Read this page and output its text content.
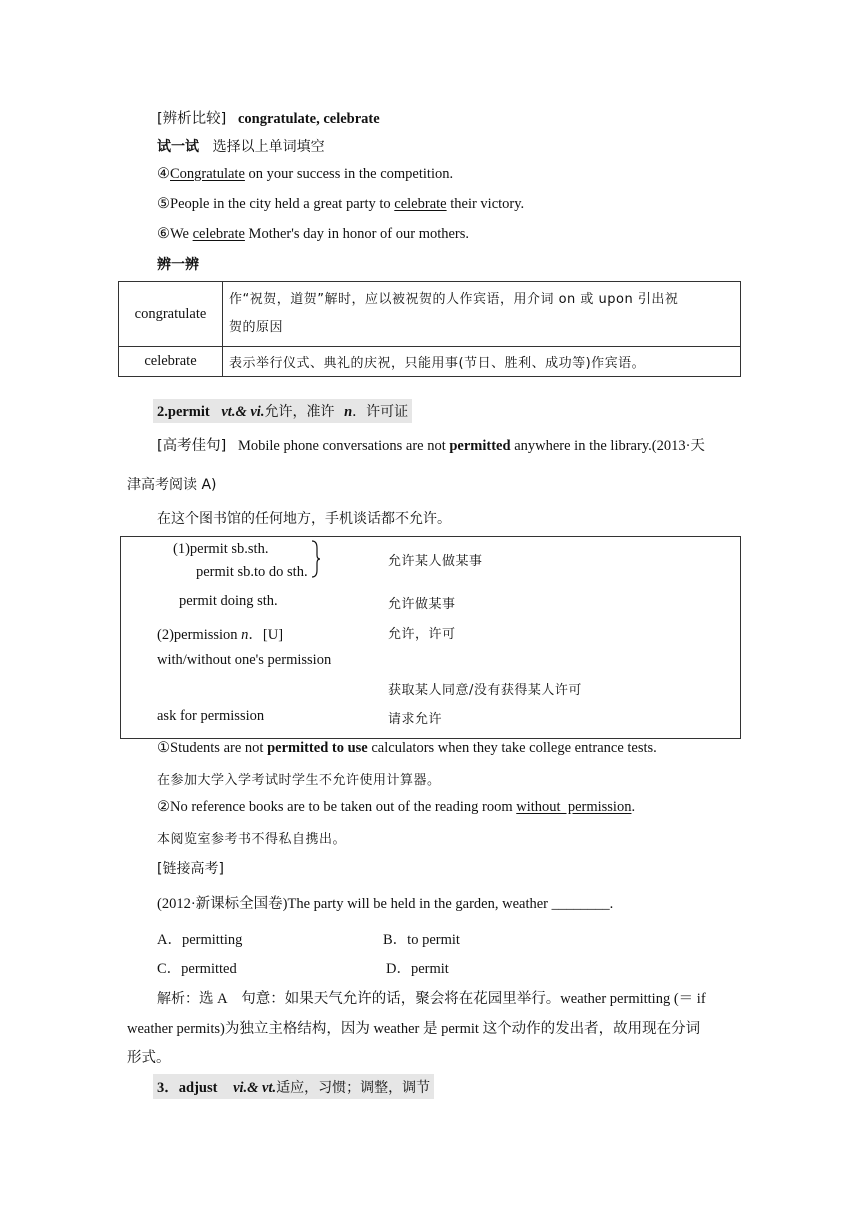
[辨析比较] congratulate, celebrate
试一试 选择以上单词填空
④Congratulate on your success in the competition.
⑤People in the city held a great party to celebrate their victory.
⑥We celebrate Mother's day in honor of our mothers.
辨一辨
congratulate	作“祝贺，道贺”解时，应以被祝贺的人作宾语，用介词 on 或 upon 引出祝
贺的原因

celebrate	表示举行仪式、典礼的庆祝，只能用事(节日、胜利、成功等)作宾语。
2.permit vt.& vi.允许，准许 n．许可证
[高考佳句] Mobile phone conversations are not permitted anywhere in the library.(2013·天
津高考阅读 A)
在这个图书馆的任何地方，手机谈话都不允许。
(1)permit sb.sth.
permit sb.to do sth.
允许某人做某事
permit doing sth.	允许做某事
(2)permission n．[U]	允许，许可
with/without one's permission
获取某人同意/没有获得某人许可
ask for permission	请求允许
①Students are not permitted to use calculators when they take college entrance tests.
在参加大学入学考试时学生不允许使用计算器。
②No reference books are to be taken out of the reading room without  permission.
本阅览室参考书不得私自携出。
[链接高考]
(2012·新课标全国卷)The party will be held in the garden, weather ________.
A．permitting	B．to permit
C．permitted	D．permit
解析：选 A　句意：如果天气允许的话，聚会将在花园里举行。weather permitting (＝ if
weather permits)为独立主格结构，因为 weather 是 permit 这个动作的发出者，故用现在分词
形式。
3．adjust vi.& vt.适应，习惯；调整，调节
